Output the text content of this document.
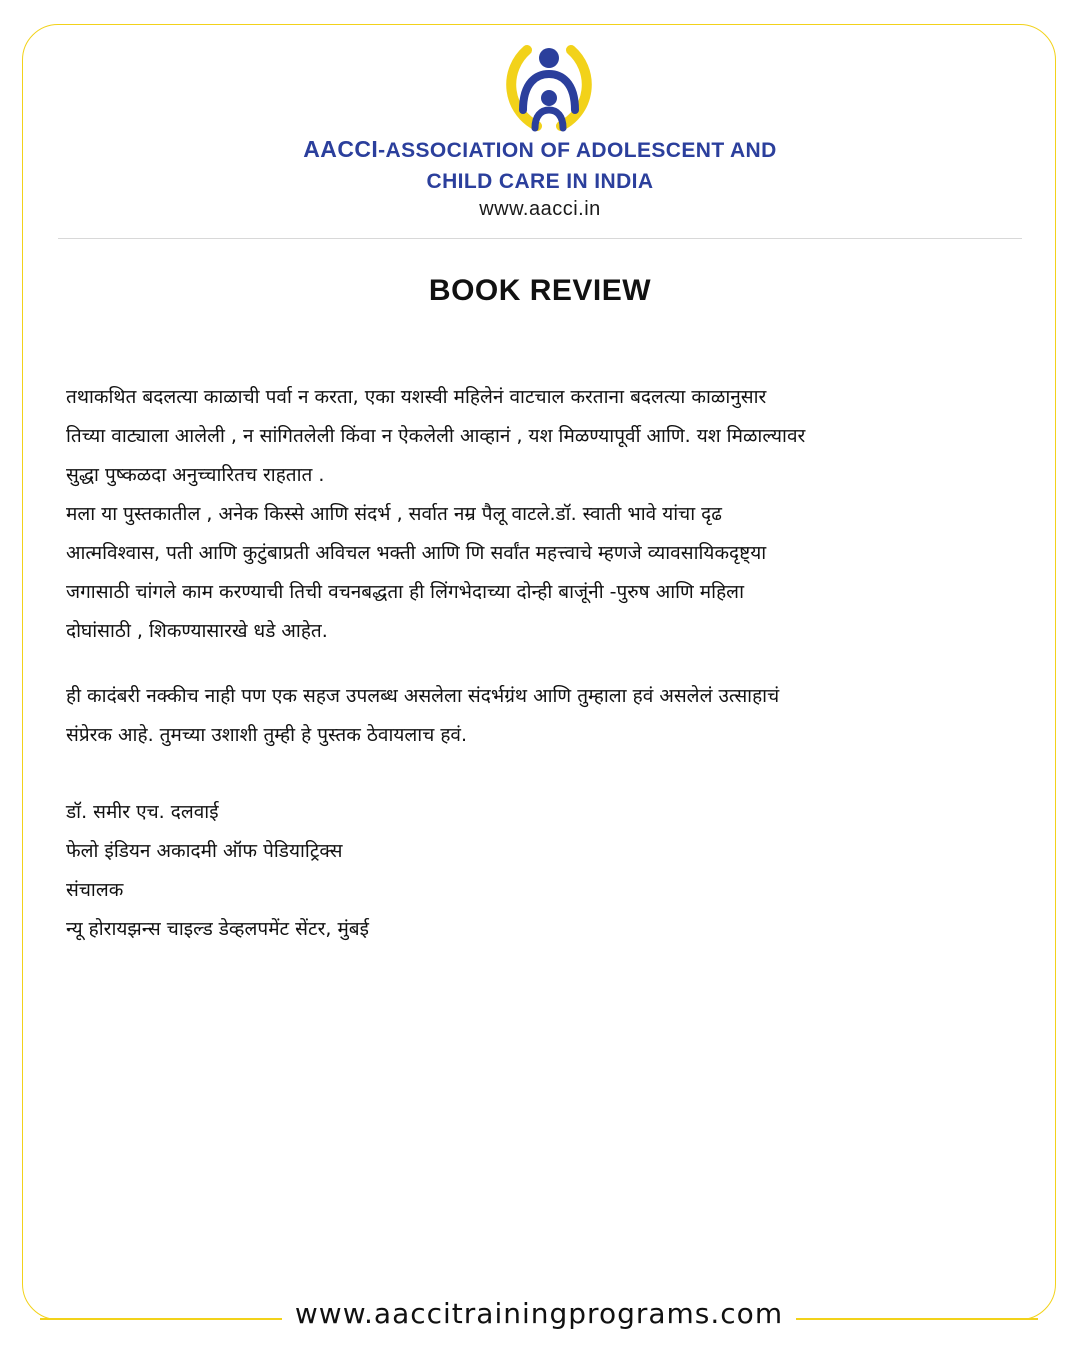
AACCI-ASSOCIATION OF ADOLESCENT AND
CHILD CARE IN INDIA
www.aacci.in
BOOK REVIEW
तथाकथित बदलत्या काळाची पर्वा न करता, एका यशस्वी महिलेनं वाटचाल करताना बदलत्या काळानुसार
तिच्या वाट्याला आलेली , न सांगितलेली किंवा न ऐकलेली आव्हानं , यश मिळण्यापूर्वी आणि. यश मिळाल्यावर
सुद्धा पुष्कळदा अनुच्चारितच राहतात .
मला या पुस्तकातील , अनेक किस्से आणि संदर्भ , सर्वात नम्र पैलू वाटले.डॉ. स्वाती भावे यांचा दृढ
आत्मविश्वास, पती आणि कुटुंबाप्रती अविचल भक्ती आणि णि सर्वांत महत्त्वाचे म्हणजे व्यावसायिकदृष्ट्या
जगासाठी चांगले काम करण्याची तिची वचनबद्धता ही लिंगभेदाच्या दोन्ही बाजूंनी -पुरुष आणि महिला
दोघांसाठी , शिकण्यासारखे धडे आहेत.
ही कादंबरी नक्कीच नाही पण एक सहज उपलब्ध असलेला संदर्भग्रंथ आणि तुम्हाला हवं असलेलं उत्साहाचं
संप्रेरक आहे. तुमच्या उशाशी तुम्ही हे पुस्तक ठेवायलाच हवं.
डॉ. समीर एच. दलवाई
फेलो इंडियन अकादमी ऑफ पेडियाट्रिक्स
संचालक
न्यू होरायझन्स चाइल्ड डेव्हलपमेंट सेंटर, मुंबई
www.aaccitrainingprograms.com
